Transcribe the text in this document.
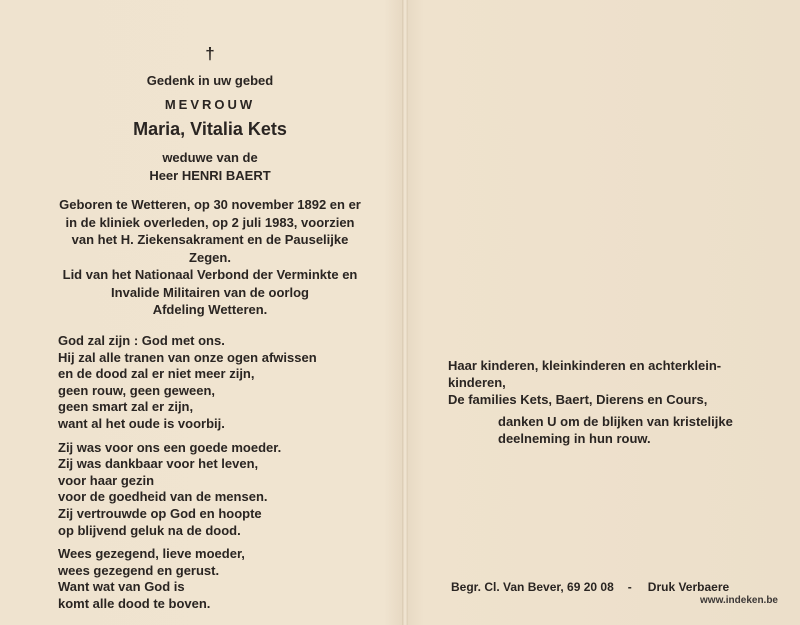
†
Gedenk in uw gebed
MEVROUW
Maria, Vitalia Kets
weduwe van de
Heer HENRI BAERT
Geboren te Wetteren, op 30 november 1892 en er
in de kliniek overleden, op 2 juli 1983, voorzien
van het H. Ziekensakrament en de Pauselijke
Zegen.
Lid van het Nationaal Verbond der Verminkte en
Invalide Militairen van de oorlog
Afdeling Wetteren.
God zal zijn : God met ons.
Hij zal alle tranen van onze ogen afwissen
en de dood zal er niet meer zijn,
geen rouw, geen geween,
geen smart zal er zijn,
want al het oude is voorbij.
Zij was voor ons een goede moeder.
Zij was dankbaar voor het leven,
voor haar gezin
voor de goedheid van de mensen.
Zij vertrouwde op God en hoopte
op blijvend geluk na de dood.
Wees gezegend, lieve moeder,
wees gezegend en gerust.
Want wat van God is
komt alle dood te boven.
Haar kinderen, kleinkinderen en achterklein-
kinderen,
De families Kets, Baert, Dierens en Cours,
danken U om de blijken van kristelijke
deelneming in hun rouw.
Begr. Cl. Van Bever, 69 20 08 - Druk Verbaere
www.indeken.be
